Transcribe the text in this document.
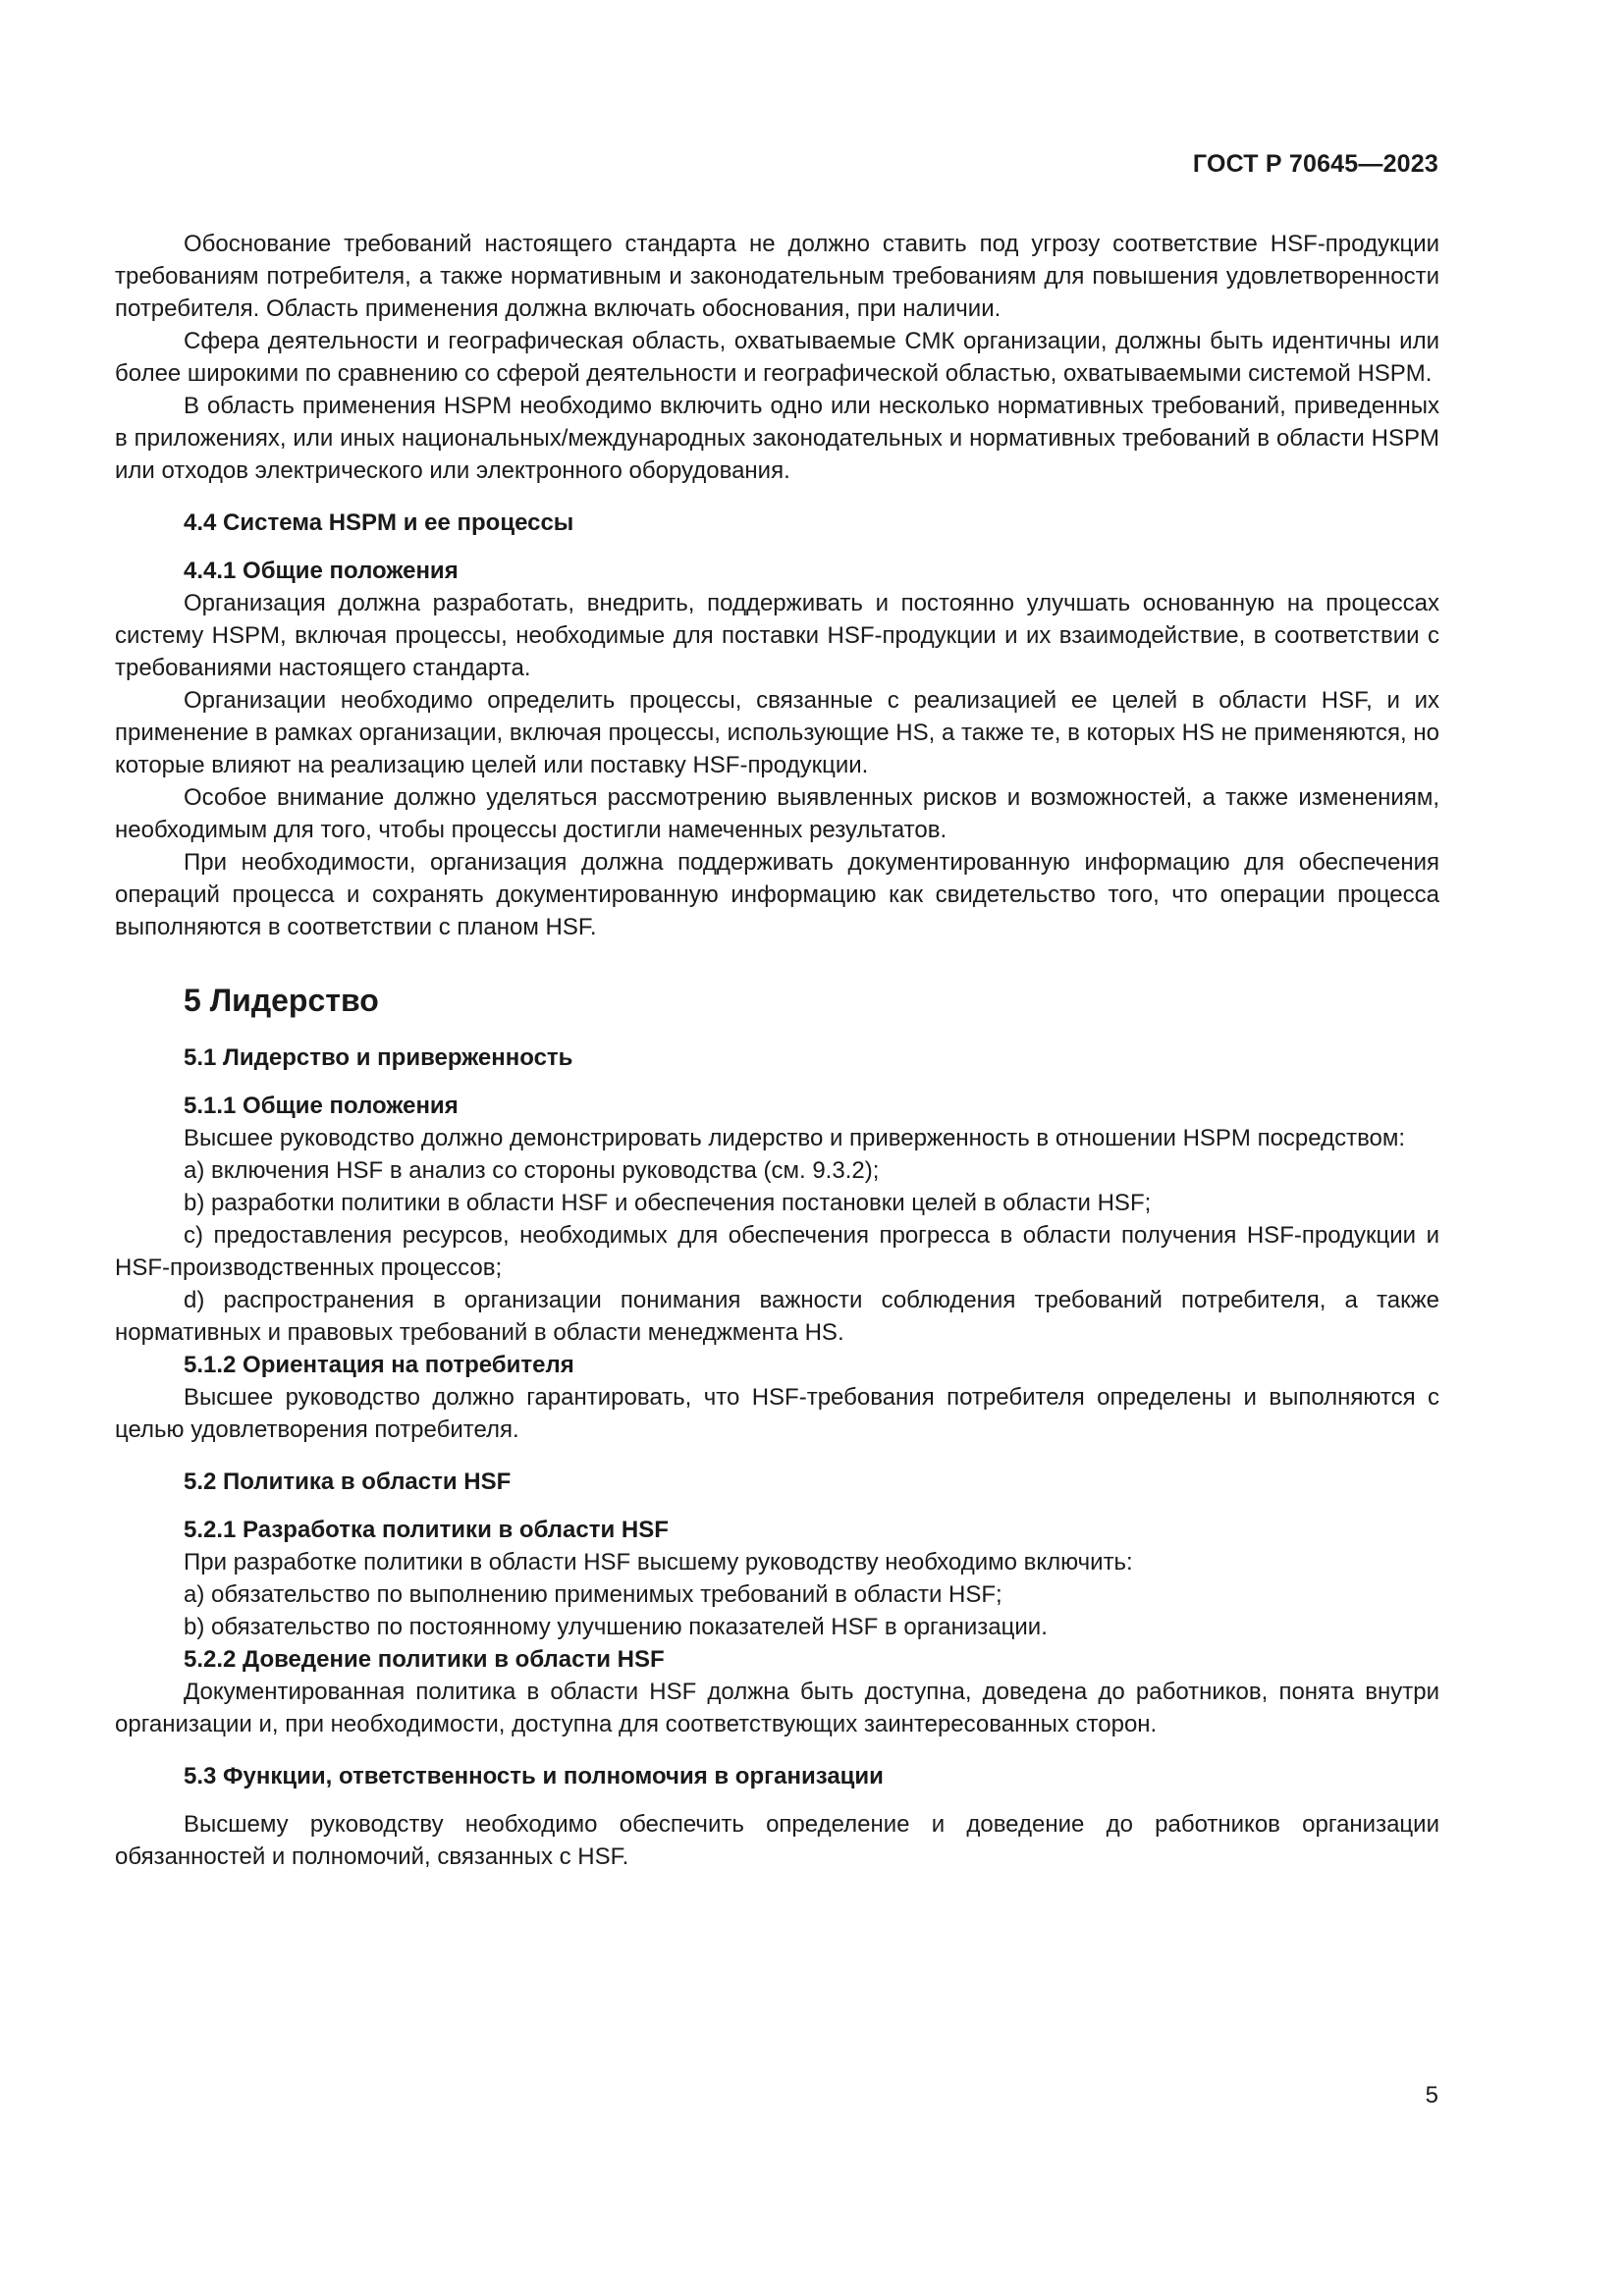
ГОСТ Р 70645—2023

Обоснование требований настоящего стандарта не должно ставить под угрозу соответствие HSF-продукции требованиям потребителя, а также нормативным и законодательным требованиям для повышения удовлетворенности потребителя. Область применения должна включать обоснования, при наличии.

Сфера деятельности и географическая область, охватываемые СМК организации, должны быть идентичны или более широкими по сравнению со сферой деятельности и географической областью, охватываемыми системой HSPM.

В область применения HSPM необходимо включить одно или несколько нормативных требований, приведенных в приложениях, или иных национальных/международных законодательных и нормативных требований в области HSPM или отходов электрического или электронного оборудования.

4.4 Система HSPM и ее процессы
4.4.1 Общие положения

Организация должна разработать, внедрить, поддерживать и постоянно улучшать основанную на процессах систему HSPM, включая процессы, необходимые для поставки HSF-продукции и их взаимодействие, в соответствии с требованиями настоящего стандарта.

Организации необходимо определить процессы, связанные с реализацией ее целей в области HSF, и их применение в рамках организации, включая процессы, использующие HS, а также те, в которых HS не применяются, но которые влияют на реализацию целей или поставку HSF-продукции.

Особое внимание должно уделяться рассмотрению выявленных рисков и возможностей, а также изменениям, необходимым для того, чтобы процессы достигли намеченных результатов.

При необходимости, организация должна поддерживать документированную информацию для обеспечения операций процесса и сохранять документированную информацию как свидетельство того, что операции процесса выполняются в соответствии с планом HSF.

5 Лидерство
5.1 Лидерство и приверженность
5.1.1 Общие положения

Высшее руководство должно демонстрировать лидерство и приверженность в отношении HSPM посредством:

a) включения HSF в анализ со стороны руководства (см. 9.3.2);

b) разработки политики в области HSF и обеспечения постановки целей в области HSF;

c) предоставления ресурсов, необходимых для обеспечения прогресса в области получения HSF-продукции и HSF-производственных процессов;

d) распространения в организации понимания важности соблюдения требований потребителя, а также нормативных и правовых требований в области менеджмента HS.

5.1.2 Ориентация на потребителя

Высшее руководство должно гарантировать, что HSF-требования потребителя определены и выполняются с целью удовлетворения потребителя.

5.2 Политика в области HSF
5.2.1 Разработка политики в области HSF

При разработке политики в области HSF высшему руководству необходимо включить:

a) обязательство по выполнению применимых требований в области HSF;

b) обязательство по постоянному улучшению показателей HSF в организации.

5.2.2 Доведение политики в области HSF

Документированная политика в области HSF должна быть доступна, доведена до работников, понята внутри организации и, при необходимости, доступна для соответствующих заинтересованных сторон.

5.3 Функции, ответственность и полномочия в организации

Высшему руководству необходимо обеспечить определение и доведение до работников организации обязанностей и полномочий, связанных с HSF.

5
